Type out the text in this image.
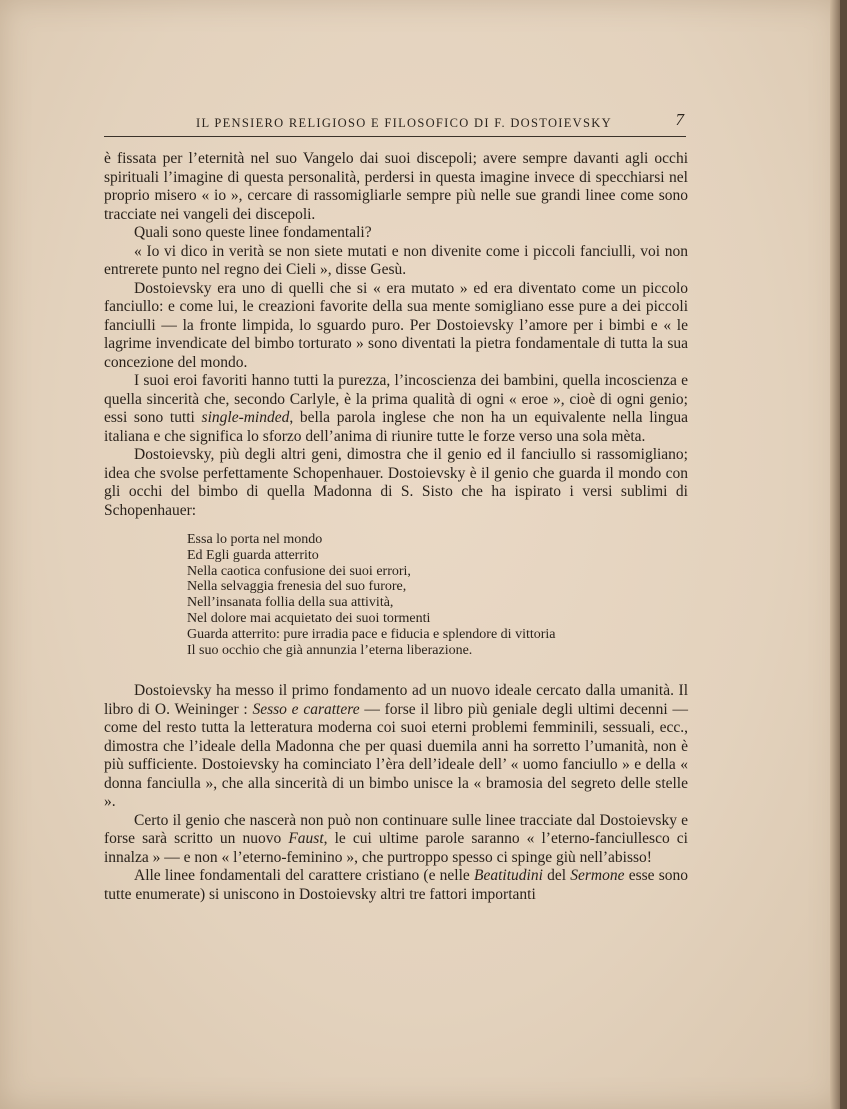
IL PENSIERO RELIGIOSO E FILOSOFICO DI F. DOSTOIEVSKY	7

è fissata per l’eternità nel suo Vangelo dai suoi discepoli; avere sempre davanti agli occhi spirituali l’imagine di questa personalità, perdersi in questa imagine invece di specchiarsi nel proprio misero « io », cercare di rassomigliarle sempre più nelle sue grandi linee come sono tracciate nei vangeli dei discepoli.

Quali sono queste linee fondamentali?

« Io vi dico in verità se non siete mutati e non divenite come i piccoli fanciulli, voi non entrerete punto nel regno dei Cieli », disse Gesù.

Dostoievsky era uno di quelli che si « era mutato » ed era diventato come un piccolo fanciullo: e come lui, le creazioni favorite della sua mente somigliano esse pure a dei piccoli fanciulli — la fronte limpida, lo sguardo puro. Per Dostoievsky l’amore per i bimbi e « le lagrime invendicate del bimbo torturato » sono diventati la pietra fondamentale di tutta la sua concezione del mondo.

I suoi eroi favoriti hanno tutti la purezza, l’incoscienza dei bambini, quella incoscienza e quella sincerità che, secondo Carlyle, è la prima qualità di ogni « eroe », cioè di ogni genio; essi sono tutti single-minded, bella parola inglese che non ha un equivalente nella lingua italiana e che significa lo sforzo dell’anima di riunire tutte le forze verso una sola mèta.

Dostoievsky, più degli altri geni, dimostra che il genio ed il fanciullo si rassomigliano; idea che svolse perfettamente Schopenhauer. Dostoievsky è il genio che guarda il mondo con gli occhi del bimbo di quella Madonna di S. Sisto che ha ispirato i versi sublimi di Schopenhauer:

Essa lo porta nel mondo
Ed Egli guarda atterrito
Nella caotica confusione dei suoi errori,
Nella selvaggia frenesia del suo furore,
Nell’insanata follia della sua attività,
Nel dolore mai acquietato dei suoi tormenti
Guarda atterrito: pure irradia pace e fiducia e splendore di vittoria
Il suo occhio che già annunzia l’eterna liberazione.

Dostoievsky ha messo il primo fondamento ad un nuovo ideale cercato dalla umanità. Il libro di O. Weininger : Sesso e carattere — forse il libro più geniale degli ultimi decenni — come del resto tutta la letteratura moderna coi suoi eterni problemi femminili, sessuali, ecc., dimostra che l’ideale della Madonna che per quasi duemila anni ha sorretto l’umanità, non è più sufficiente. Dostoievsky ha cominciato l’èra dell’ideale dell’ « uomo fanciullo » e della « donna fanciulla », che alla sincerità di un bimbo unisce la « bramosia del segreto delle stelle ».

Certo il genio che nascerà non può non continuare sulle linee tracciate dal Dostoievsky e forse sarà scritto un nuovo Faust, le cui ultime parole saranno « l’eterno-fanciullesco ci innalza » — e non « l’eterno-feminino », che purtroppo spesso ci spinge giù nell’abisso!

Alle linee fondamentali del carattere cristiano (e nelle Beatitudini del Sermone esse sono tutte enumerate) si uniscono in Dostoievsky altri tre fattori importanti
